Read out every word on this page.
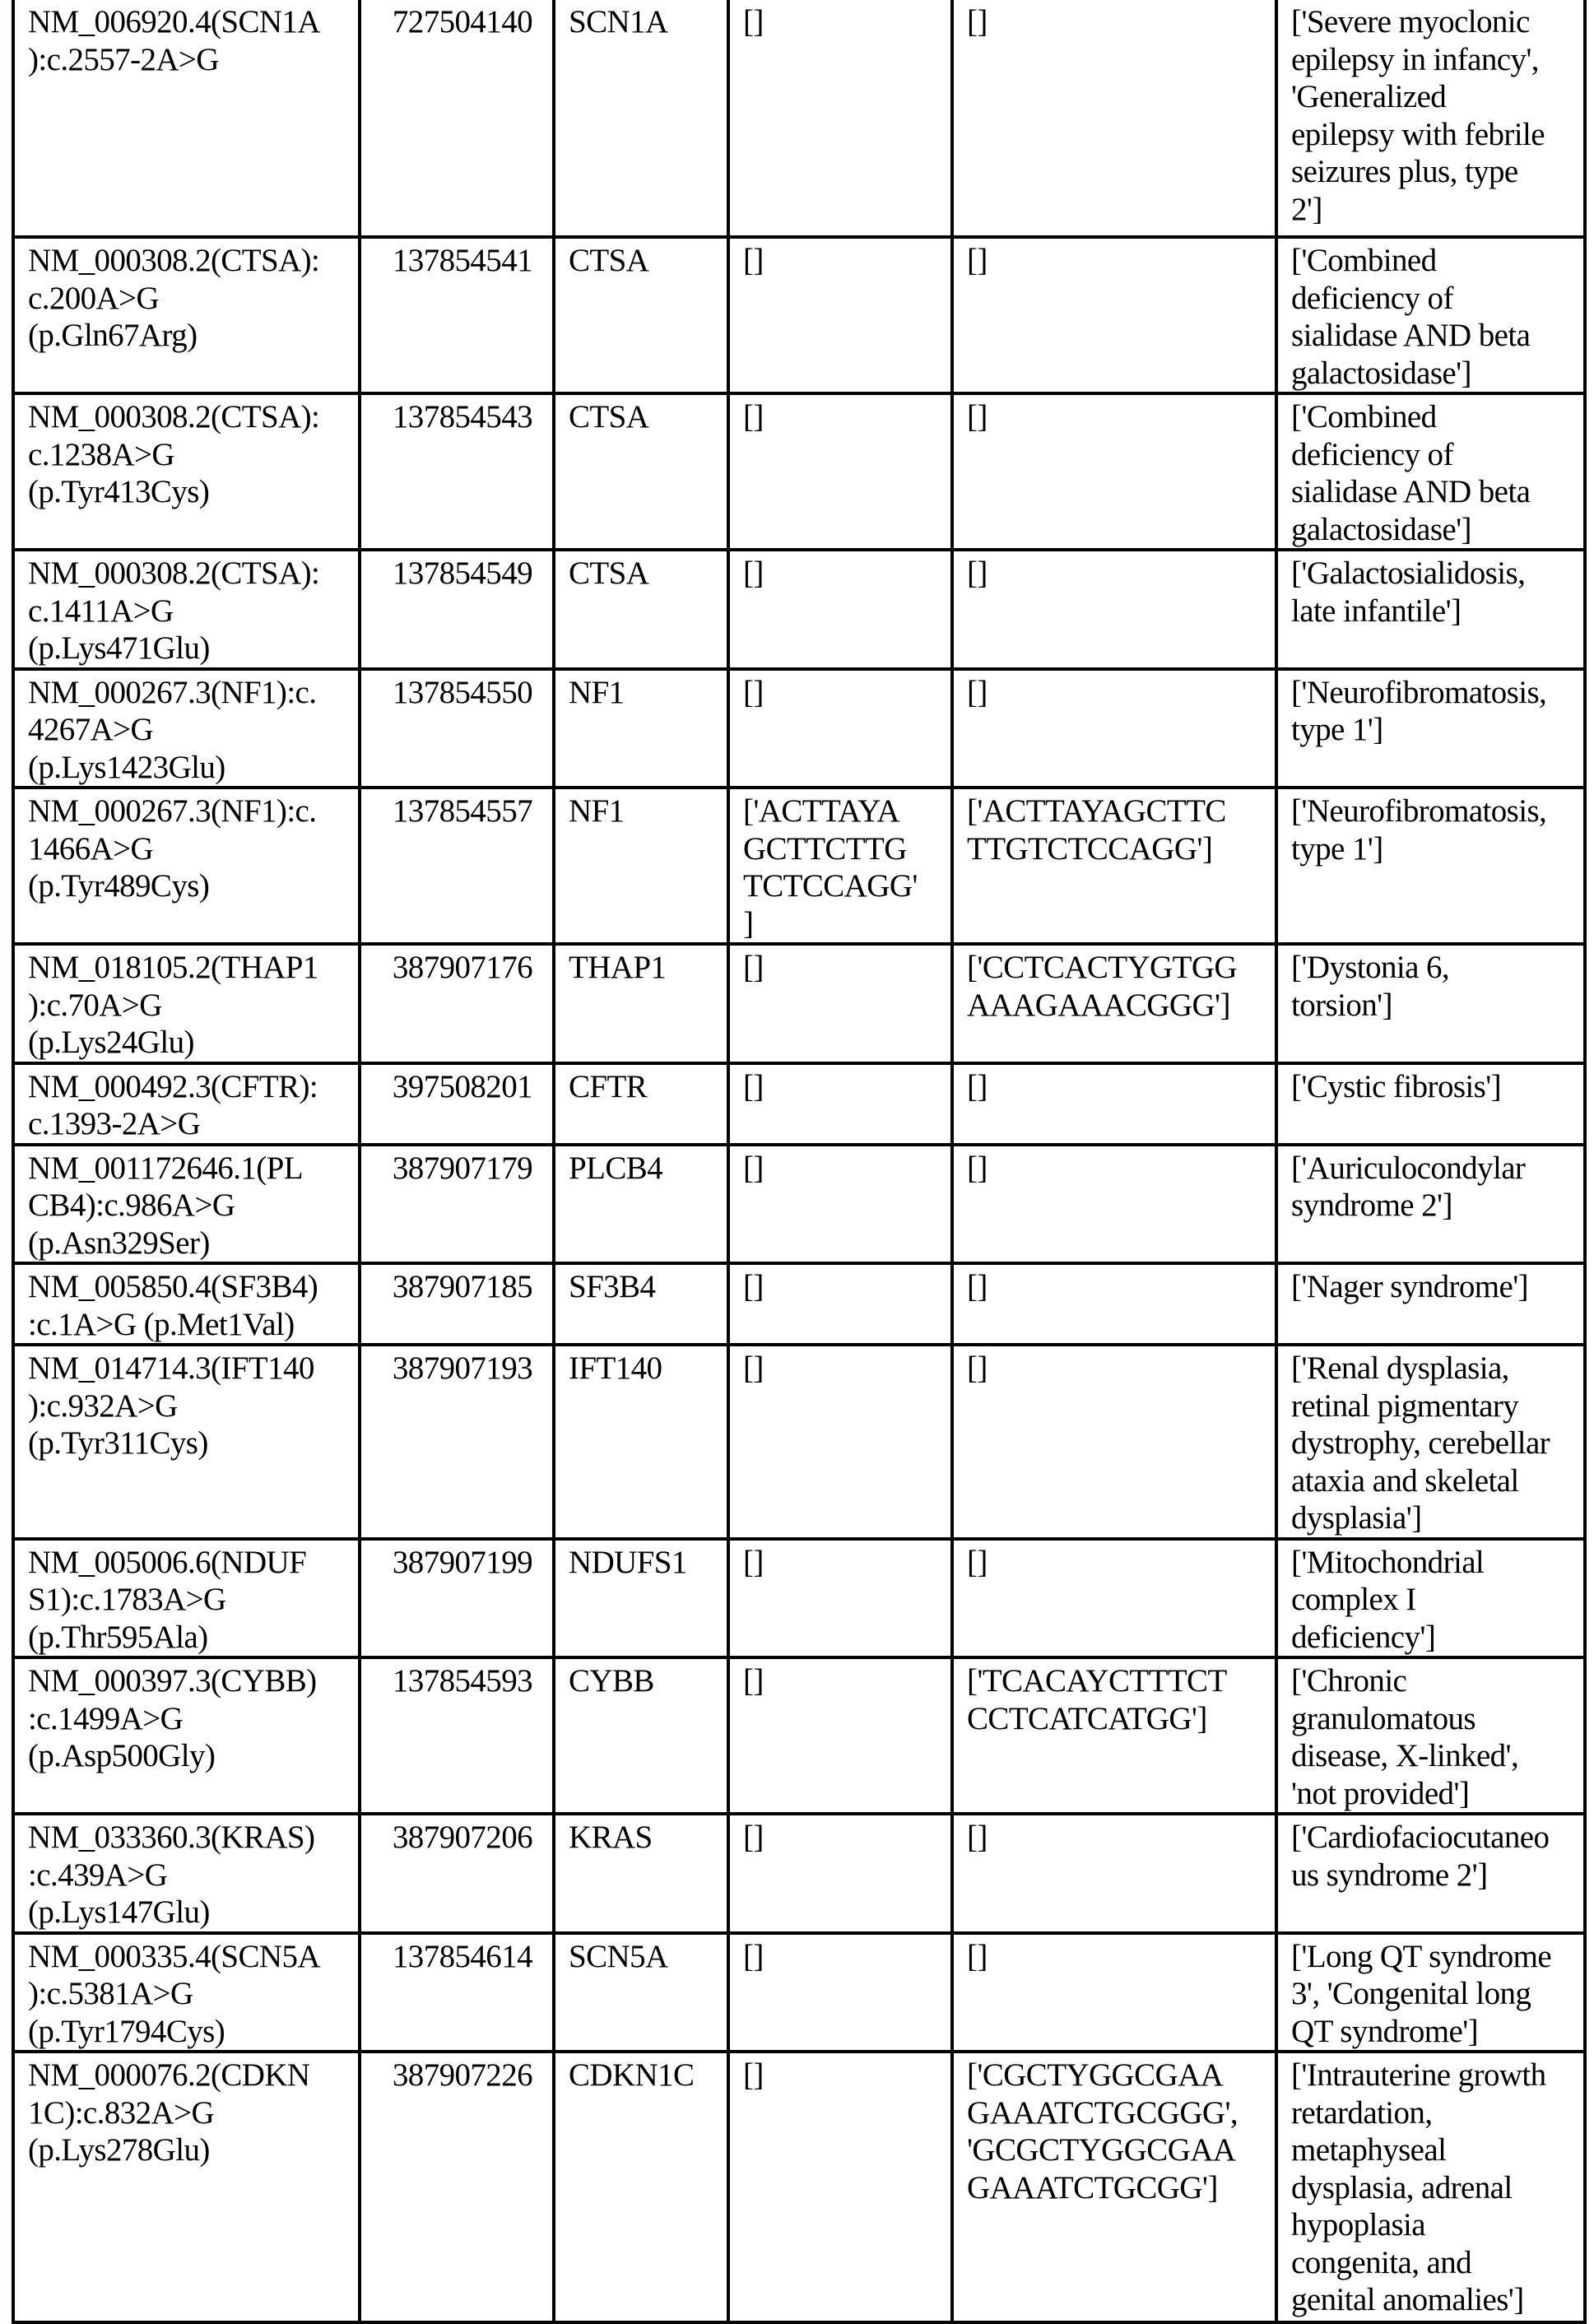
NM_006920.4(SCN1A
):c.2557-2A>G	727504140	SCN1A	[]	[]	['Severe myoclonic
epilepsy in infancy',
'Generalized
epilepsy with febrile
seizures plus, type
2']
NM_000308.2(CTSA):
c.200A>G
(p.Gln67Arg)	137854541	CTSA	[]	[]	['Combined
deficiency of
sialidase AND beta
galactosidase']
NM_000308.2(CTSA):
c.1238A>G
(p.Tyr413Cys)	137854543	CTSA	[]	[]	['Combined
deficiency of
sialidase AND beta
galactosidase']
NM_000308.2(CTSA):
c.1411A>G
(p.Lys471Glu)	137854549	CTSA	[]	[]	['Galactosialidosis,
late infantile']
NM_000267.3(NF1):c.
4267A>G
(p.Lys1423Glu)	137854550	NF1	[]	[]	['Neurofibromatosis,
type 1']
NM_000267.3(NF1):c.
1466A>G
(p.Tyr489Cys)	137854557	NF1	['ACTTAYA
GCTTCTTG
TCTCCAGG'
]	['ACTTAYAGCTTC
TTGTCTCCAGG']	['Neurofibromatosis,
type 1']
NM_018105.2(THAP1
):c.70A>G
(p.Lys24Glu)	387907176	THAP1	[]	['CCTCACTYGTGG
AAAGAAACGGG']	['Dystonia 6,
torsion']
NM_000492.3(CFTR):
c.1393-2A>G	397508201	CFTR	[]	[]	['Cystic fibrosis']
NM_001172646.1(PL
CB4):c.986A>G
(p.Asn329Ser)	387907179	PLCB4	[]	[]	['Auriculocondylar
syndrome 2']
NM_005850.4(SF3B4)
:c.1A>G (p.Met1Val)	387907185	SF3B4	[]	[]	['Nager syndrome']
NM_014714.3(IFT140
):c.932A>G
(p.Tyr311Cys)	387907193	IFT140	[]	[]	['Renal dysplasia,
retinal pigmentary
dystrophy, cerebellar
ataxia and skeletal
dysplasia']
NM_005006.6(NDUF
S1):c.1783A>G
(p.Thr595Ala)	387907199	NDUFS1	[]	[]	['Mitochondrial
complex I
deficiency']
NM_000397.3(CYBB)
:c.1499A>G
(p.Asp500Gly)	137854593	CYBB	[]	['TCACAYCTTTCT
CCTCATCATGG']	['Chronic
granulomatous
disease, X-linked',
'not provided']
NM_033360.3(KRAS)
:c.439A>G
(p.Lys147Glu)	387907206	KRAS	[]	[]	['Cardiofaciocutaneo
us syndrome 2']
NM_000335.4(SCN5A
):c.5381A>G
(p.Tyr1794Cys)	137854614	SCN5A	[]	[]	['Long QT syndrome
3', 'Congenital long
QT syndrome']
NM_000076.2(CDKN
1C):c.832A>G
(p.Lys278Glu)	387907226	CDKN1C	[]	['CGCTYGGCGAA
GAAATCTGCGGG',
'GCGCTYGGCGAA
GAAATCTGCGG']	['Intrauterine growth
retardation,
metaphyseal
dysplasia, adrenal
hypoplasia
congenita, and
genital anomalies']
